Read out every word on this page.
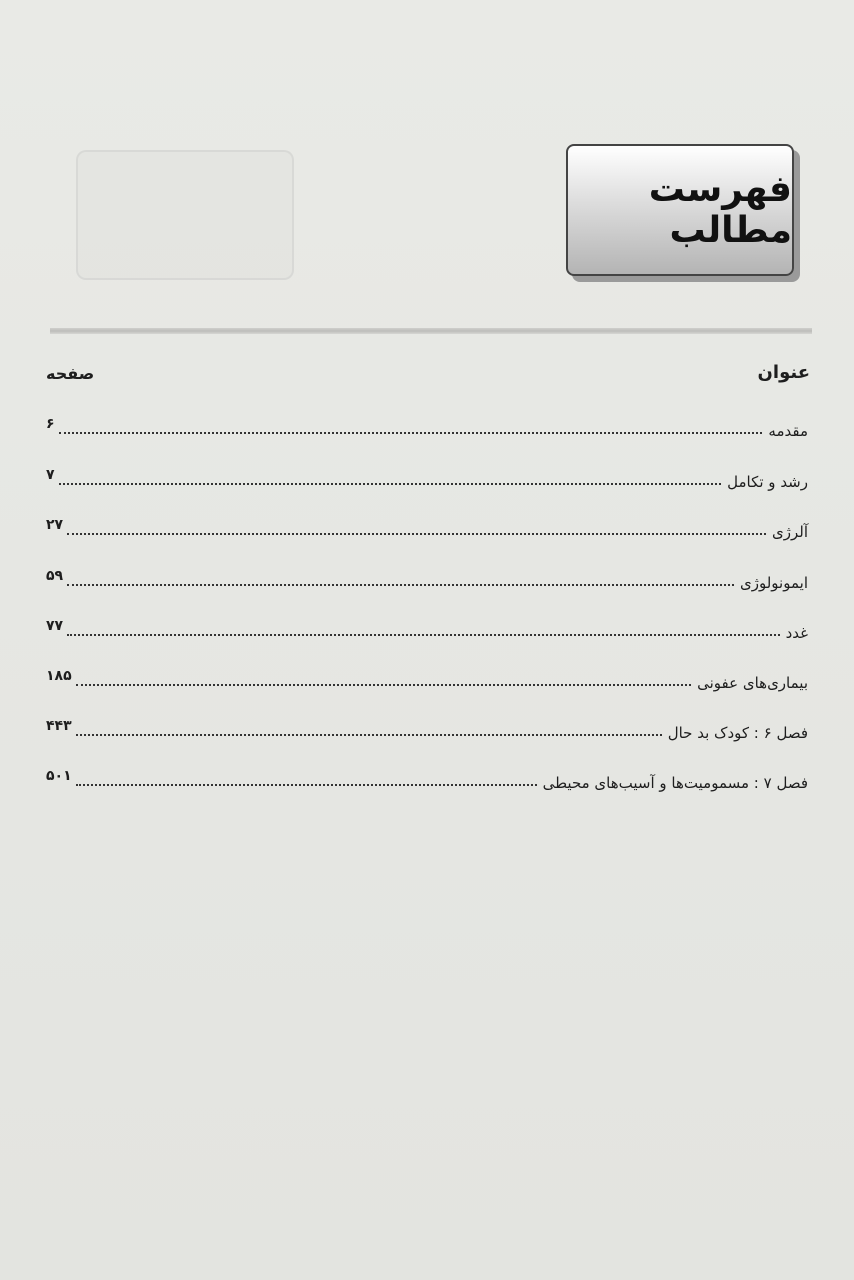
فهرست مطالب
عنوان
صفحه
مقدمه
۶
رشد و تکامل
۷
آلرژی
۲۷
ایمونولوژی
۵۹
غدد
۷۷
بیماری‌های عفونی
۱۸۵
فصل ۶ : کودک بد حال
۴۴۳
فصل ۷ : مسمومیت‌ها و آسیب‌های محیطی
۵۰۱
